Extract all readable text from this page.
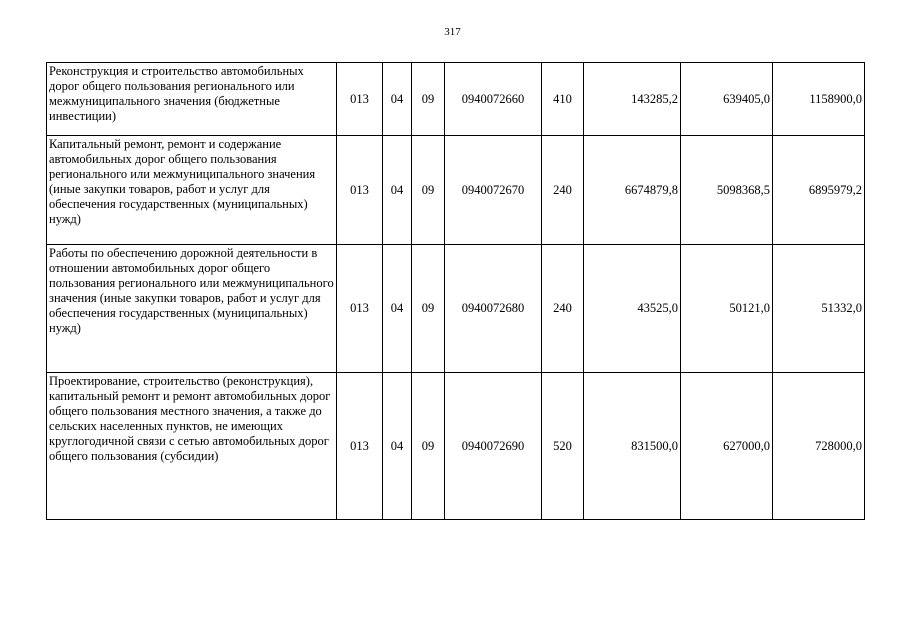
317
Реконструкция и строительство автомобильных дорог общего пользования регионального или межмуниципального значения (бюджетные инвестиции)	013	04	09	0940072660	410	143285,2	639405,0	1158900,0
Капитальный ремонт, ремонт и содержание автомобильных дорог общего пользования регионального или межмуниципального значения (иные закупки товаров, работ и услуг для обеспечения государственных (муниципальных) нужд)	013	04	09	0940072670	240	6674879,8	5098368,5	6895979,2
Работы по обеспечению дорожной деятельности в отношении автомобильных дорог общего пользования регионального или межмуниципального значения (иные закупки товаров, работ и услуг для обеспечения государственных (муниципальных) нужд)	013	04	09	0940072680	240	43525,0	50121,0	51332,0
Проектирование, строительство (реконструкция), капитальный ремонт и ремонт автомобильных дорог общего пользования местного значения, а также до сельских населенных пунктов, не имеющих круглогодичной связи с сетью автомобильных дорог общего пользования (субсидии)	013	04	09	0940072690	520	831500,0	627000,0	728000,0
